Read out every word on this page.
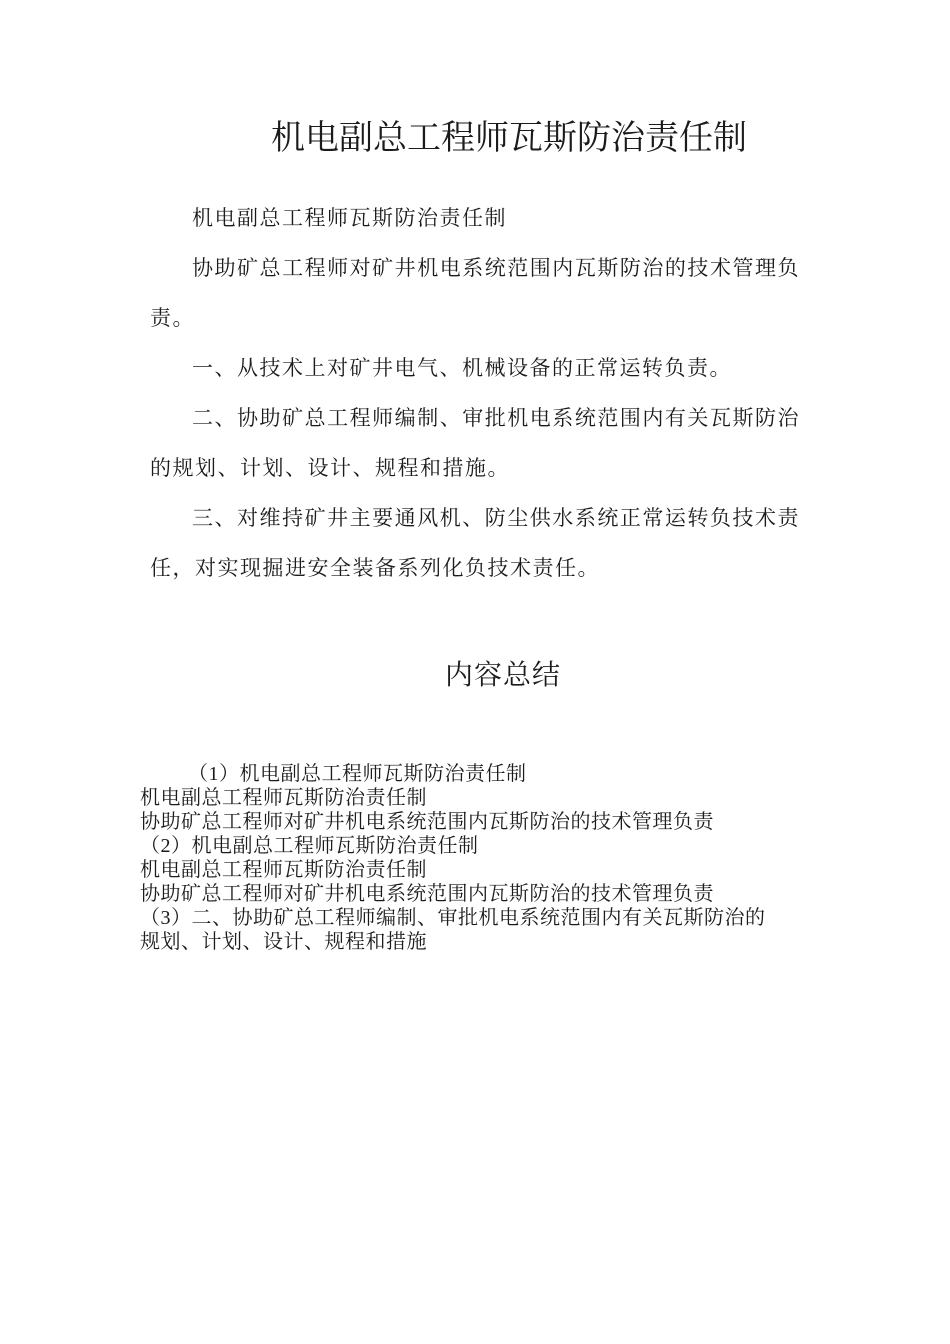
机电副总工程师瓦斯防治责任制

机电副总工程师瓦斯防治责任制

协助矿总工程师对矿井机电系统范围内瓦斯防治的技术管理负责。

一、从技术上对矿井电气、机械设备的正常运转负责。

二、协助矿总工程师编制、审批机电系统范围内有关瓦斯防治的规划、计划、设计、规程和措施。

三、对维持矿井主要通风机、防尘供水系统正常运转负技术责任，对实现掘进安全装备系列化负技术责任。

内容总结
（1）机电副总工程师瓦斯防治责任制
机电副总工程师瓦斯防治责任制
协助矿总工程师对矿井机电系统范围内瓦斯防治的技术管理负责
（2）机电副总工程师瓦斯防治责任制
机电副总工程师瓦斯防治责任制
协助矿总工程师对矿井机电系统范围内瓦斯防治的技术管理负责
（3）二、协助矿总工程师编制、审批机电系统范围内有关瓦斯防治的
规划、计划、设计、规程和措施
